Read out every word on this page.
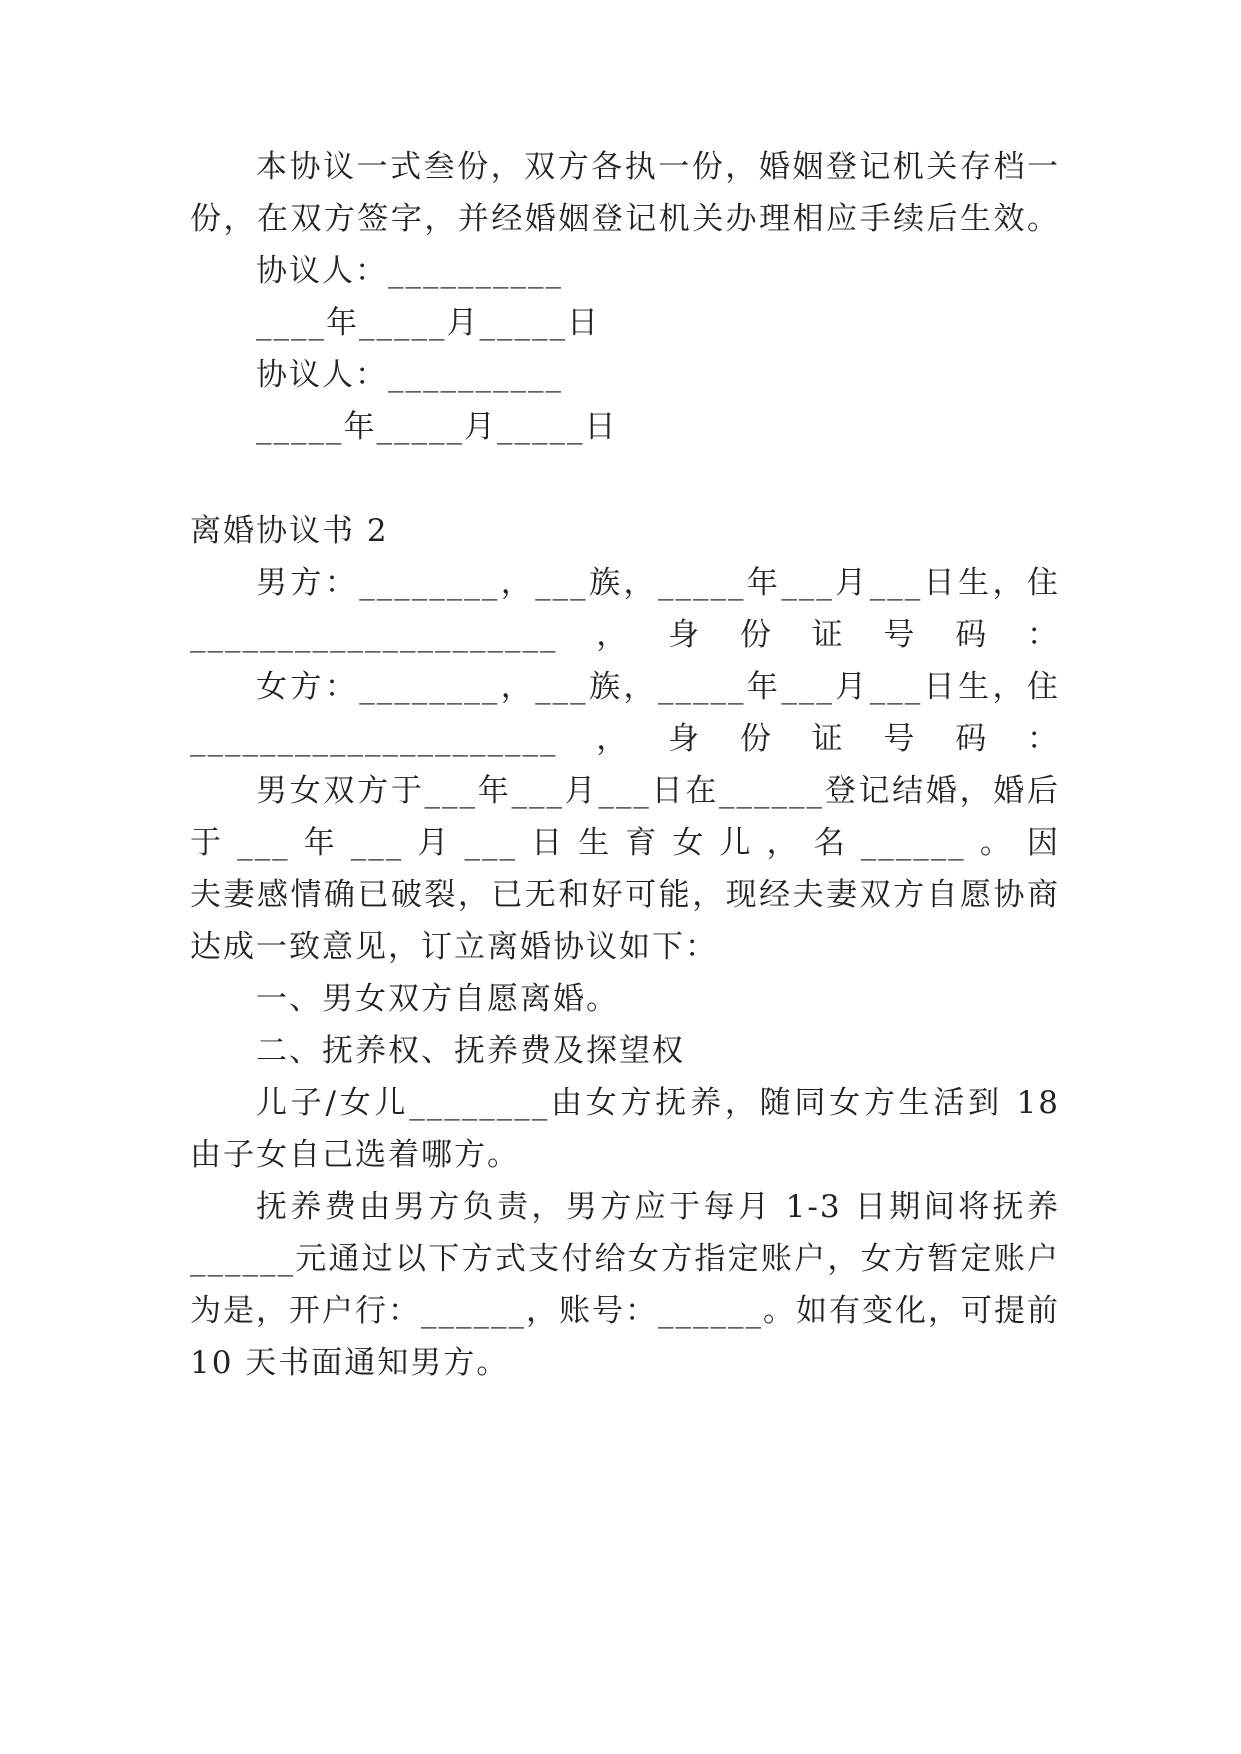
本协议一式叁份，双方各执一份，婚姻登记机关存档一
份，在双方签字，并经婚姻登记机关办理相应手续后生效。
协议人：__________
____年_____月_____日
协议人：__________
_____年_____月_____日
离婚协议书 2
男方：________，___族，_____年___月___日生，住
_____________________，身份证号码：
女方：________，___族，_____年___月___日生，住
_____________________，身份证号码：
男女双方于___年___月___日在______登记结婚，婚后
于___年___月___日生育女儿，名______。因
夫妻感情确已破裂，已无和好可能，现经夫妻双方自愿协商
达成一致意见，订立离婚协议如下：
一、男女双方自愿离婚。
二、抚养权、抚养费及探望权
儿子/女儿________由女方抚养，随同女方生活到 18
由子女自己选着哪方。
抚养费由男方负责，男方应于每月 1-3 日期间将抚养
______元通过以下方式支付给女方指定账户，女方暂定账户
为是，开户行：______，账号：______。如有变化，可提前
10 天书面通知男方。
